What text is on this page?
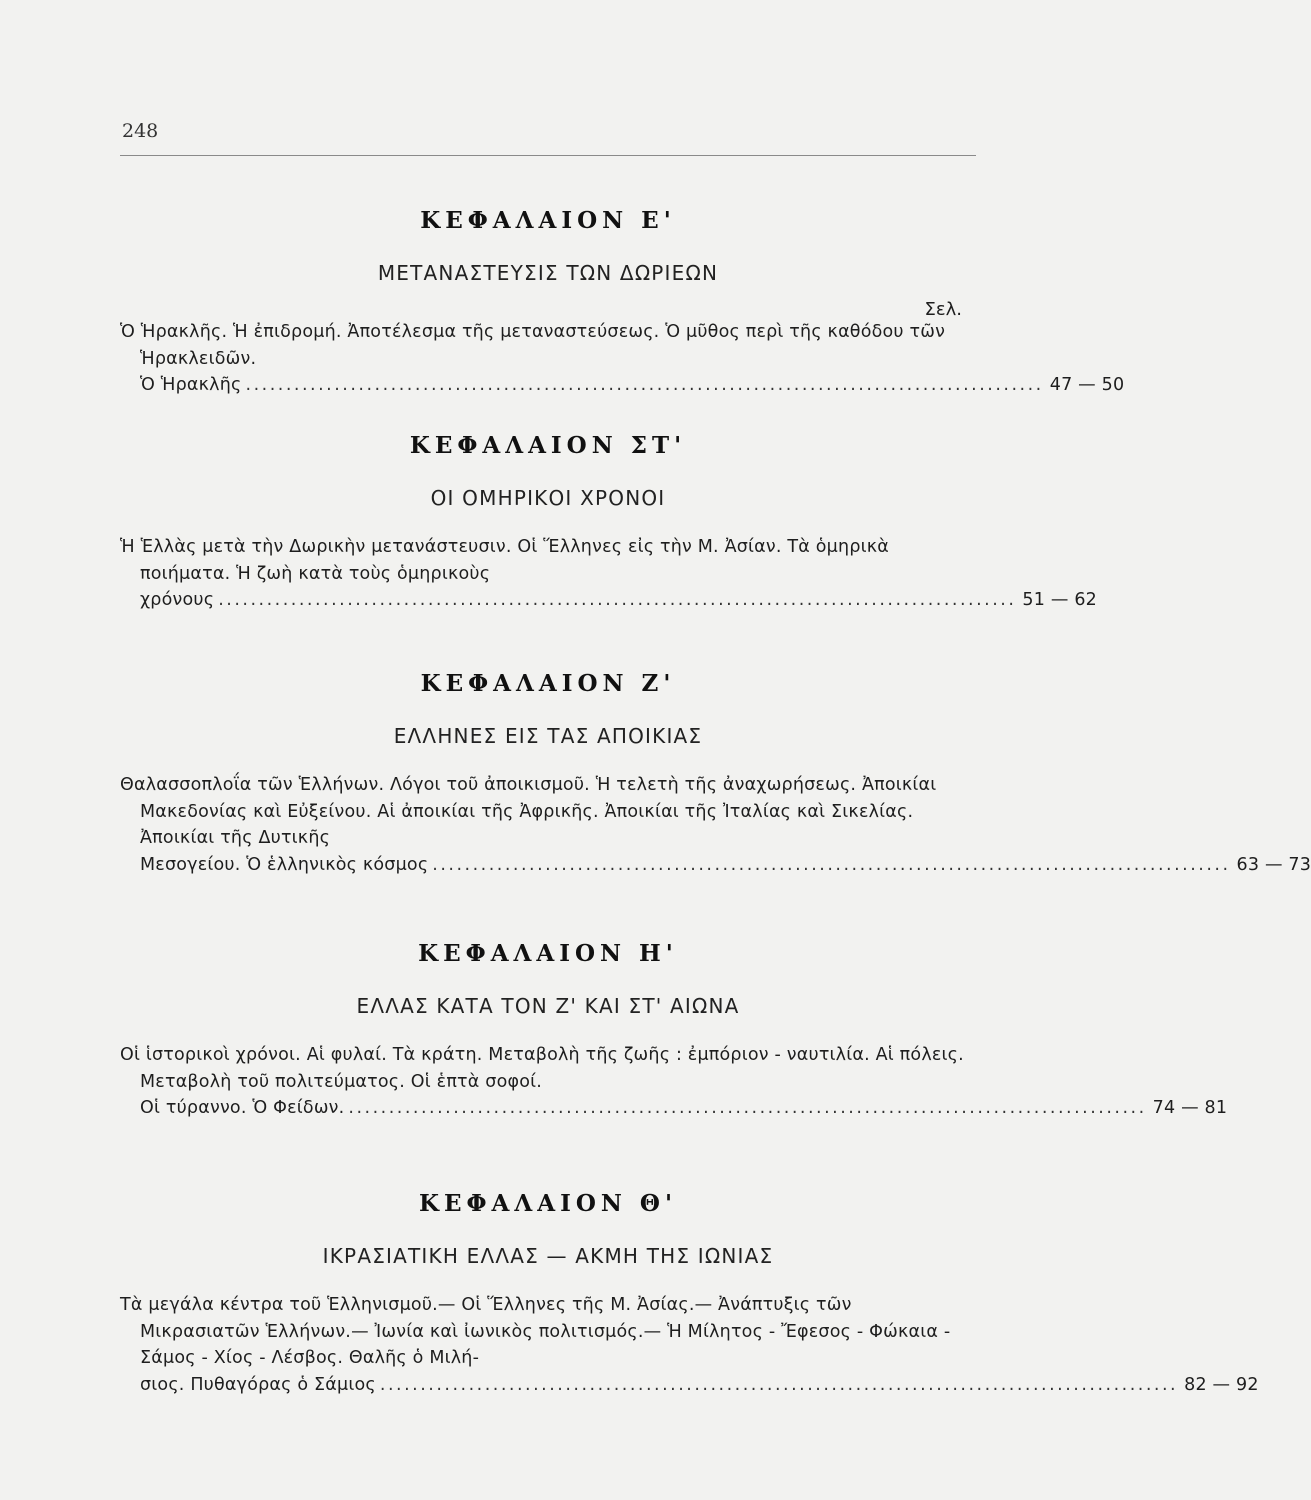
248
ΚΕΦΑΛΑΙΟΝ Ε'
ΜΕΤΑΝΑΣΤΕΥΣΙΣ ΤΩΝ ΔΩΡΙΕΩΝ
Σελ.
Ὁ Ἡρακλῆς. Ἡ ἐπιδρομή. Ἀποτέλεσμα τῆς μεταναστεύσεως. Ὁ μῦθος περὶ τῆς καθόδου τῶν Ἡρακλειδῶν.
Ὁ Ἡρακλῆς ................................................................................................... 47 — 50
ΚΕΦΑΛΑΙΟΝ ΣΤ'
ΟΙ ΟΜΗΡΙΚΟΙ ΧΡΟΝΟΙ
Ἡ Ἑλλὰς μετὰ τὴν Δωρικὴν μετανάστευσιν. Οἱ Ἕλληνες εἰς τὴν Μ. Ἀσίαν. Τὰ ὁμηρικὰ ποιήματα. Ἡ ζωὴ κατὰ τοὺς ὁμηρικοὺς
χρόνους ................................................................................................... 51 — 62
ΚΕΦΑΛΑΙΟΝ Ζ'
ΕΛΛΗΝΕΣ ΕΙΣ ΤΑΣ ΑΠΟΙΚΙΑΣ
Θαλασσοπλοΐα τῶν Ἑλλήνων. Λόγοι τοῦ ἀποικισμοῦ. Ἡ τελετὴ τῆς ἀναχωρήσεως. Ἀποικίαι Μακεδονίας καὶ Εὐξείνου. Αἱ ἀποικίαι τῆς Ἀφρικῆς. Ἀποικίαι τῆς Ἰταλίας καὶ Σικελίας. Ἀποικίαι τῆς Δυτικῆς
Μεσογείου. Ὁ ἑλληνικὸς κόσμος ................................................................................................... 63 — 73
ΚΕΦΑΛΑΙΟΝ Η'
ΕΛΛΑΣ ΚΑΤΑ ΤΟΝ Ζ' ΚΑΙ ΣΤ' ΑΙΩΝΑ
Οἱ ἱστορικοὶ χρόνοι. Αἱ φυλαί. Τὰ κράτη. Μεταβολὴ τῆς ζωῆς : ἐμπόριον - ναυτιλία. Αἱ πόλεις. Μεταβολὴ τοῦ πολιτεύματος. Οἱ ἑπτὰ σοφοί.
Οἱ τύραννο. Ὁ Φείδων. ................................................................................................... 74 — 81
ΚΕΦΑΛΑΙΟΝ Θ'
ΙΚΡΑΣΙΑΤΙΚΗ ΕΛΛΑΣ — ΑΚΜΗ ΤΗΣ ΙΩΝΙΑΣ
Τὰ μεγάλα κέντρα τοῦ Ἑλληνισμοῦ.— Οἱ Ἕλληνες τῆς Μ. Ἀσίας.— Ἀνάπτυξις τῶν Μικρασιατῶν Ἑλλήνων.— Ἰωνία καὶ ἰωνικὸς πολιτισμός.— Ἡ Μίλητος - Ἔφεσος - Φώκαια - Σάμος - Χίος - Λέσβος. Θαλῆς ὁ Μιλή-
σιος. Πυθαγόρας ὁ Σάμιος ................................................................................................... 82 — 92
